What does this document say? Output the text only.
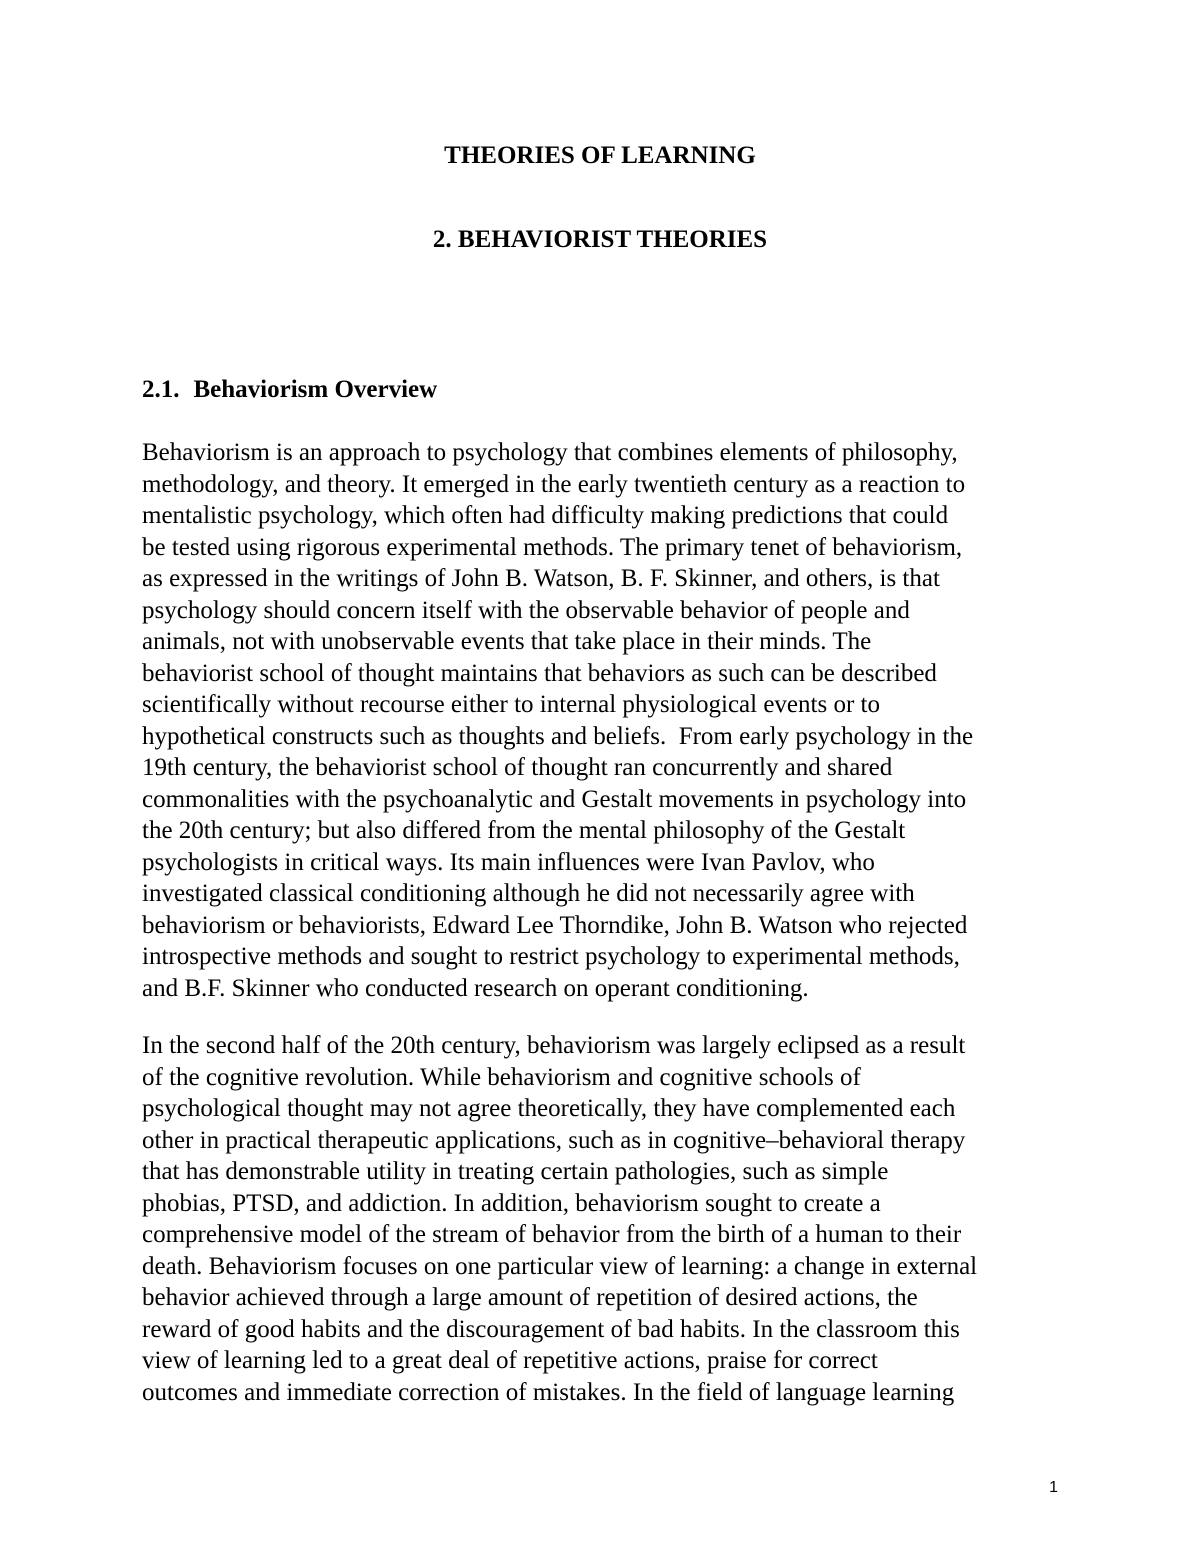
THEORIES OF LEARNING
2. BEHAVIORIST THEORIES
2.1. Behaviorism Overview
Behaviorism is an approach to psychology that combines elements of philosophy,
methodology, and theory. It emerged in the early twentieth century as a reaction to
mentalistic psychology, which often had difficulty making predictions that could
be tested using rigorous experimental methods. The primary tenet of behaviorism,
as expressed in the writings of John B. Watson, B. F. Skinner, and others, is that
psychology should concern itself with the observable behavior of people and
animals, not with unobservable events that take place in their minds. The
behaviorist school of thought maintains that behaviors as such can be described
scientifically without recourse either to internal physiological events or to
hypothetical constructs such as thoughts and beliefs.  From early psychology in the
19th century, the behaviorist school of thought ran concurrently and shared
commonalities with the psychoanalytic and Gestalt movements in psychology into
the 20th century; but also differed from the mental philosophy of the Gestalt
psychologists in critical ways. Its main influences were Ivan Pavlov, who
investigated classical conditioning although he did not necessarily agree with
behaviorism or behaviorists, Edward Lee Thorndike, John B. Watson who rejected
introspective methods and sought to restrict psychology to experimental methods,
and B.F. Skinner who conducted research on operant conditioning.
In the second half of the 20th century, behaviorism was largely eclipsed as a result
of the cognitive revolution. While behaviorism and cognitive schools of
psychological thought may not agree theoretically, they have complemented each
other in practical therapeutic applications, such as in cognitive–behavioral therapy
that has demonstrable utility in treating certain pathologies, such as simple
phobias, PTSD, and addiction. In addition, behaviorism sought to create a
comprehensive model of the stream of behavior from the birth of a human to their
death. Behaviorism focuses on one particular view of learning: a change in external
behavior achieved through a large amount of repetition of desired actions, the
reward of good habits and the discouragement of bad habits. In the classroom this
view of learning led to a great deal of repetitive actions, praise for correct
outcomes and immediate correction of mistakes. In the field of language learning
1
